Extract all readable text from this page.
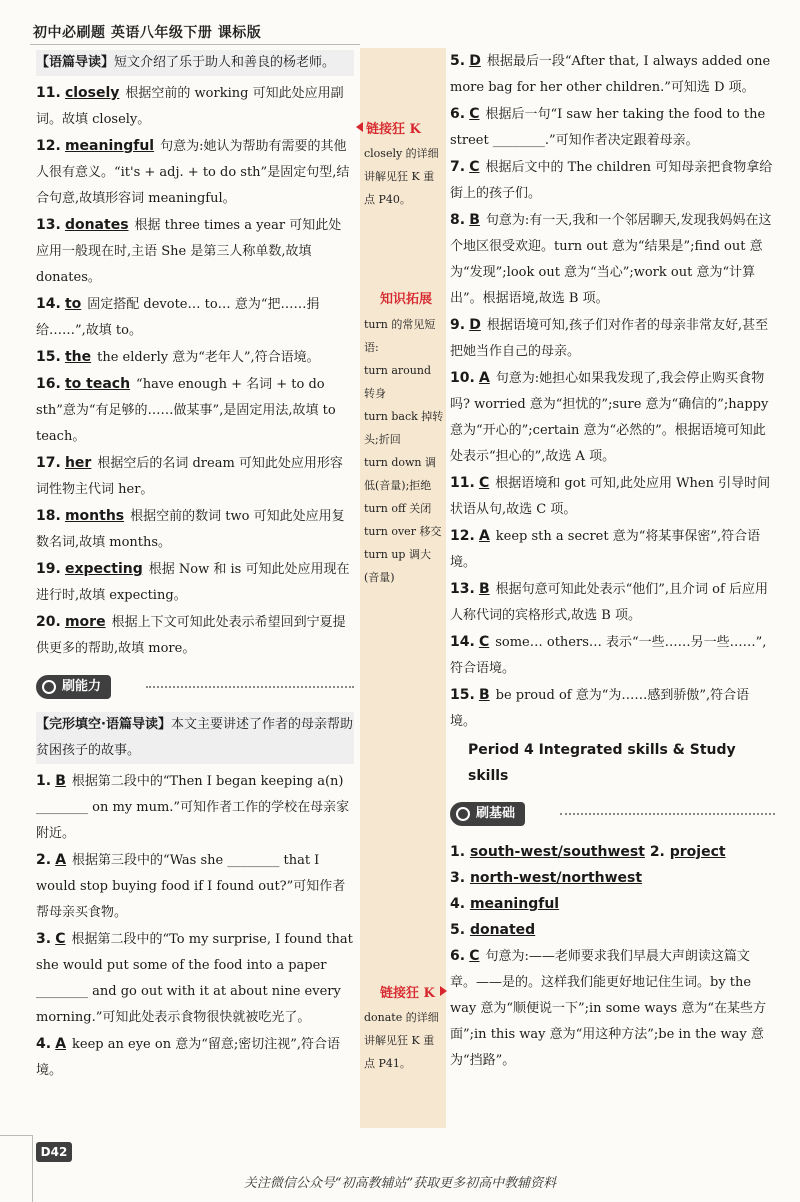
初中必刷题 英语八年级下册 课标版

【语篇导读】短文介绍了乐于助人和善良的杨老师。

11. closely 根据空前的 working 可知此处应用副词。故填 closely。

12. meaningful 句意为:她认为帮助有需要的其他人很有意义。“it's + adj. + to do sth”是固定句型,结合句意,故填形容词 meaningful。

13. donates 根据 three times a year 可知此处应用一般现在时,主语 She 是第三人称单数,故填 donates。

14. to 固定搭配 devote… to… 意为“把……捐给……”,故填 to。

15. the the elderly 意为“老年人”,符合语境。

16. to teach “have enough + 名词 + to do sth”意为“有足够的……做某事”,是固定用法,故填 to teach。

17. her 根据空后的名词 dream 可知此处应用形容词性物主代词 her。

18. months 根据空前的数词 two 可知此处应用复数名词,故填 months。

19. expecting 根据 Now 和 is 可知此处应用现在进行时,故填 expecting。

20. more 根据上下文可知此处表示希望回到宁夏提供更多的帮助,故填 more。

刷能力

【完形填空·语篇导读】本文主要讲述了作者的母亲帮助贫困孩子的故事。

1. B 根据第二段中的“Then I began keeping a(n) ________ on my mum.”可知作者工作的学校在母亲家附近。

2. A 根据第三段中的“Was she ________ that I would stop buying food if I found out?”可知作者帮母亲买食物。

3. C 根据第二段中的“To my surprise, I found that she would put some of the food into a paper ________ and go out with it at about nine every morning.”可知此处表示食物很快就被吃光了。

4. A keep an eye on 意为“留意;密切注视”,符合语境。

链接狂 K
closely 的详细讲解见狂 K 重点 P40。
知识拓展
turn 的常见短语:
turn around 转身
turn back 掉转头;折回
turn down 调低(音量);拒绝
turn off 关闭
turn over 移交
turn up 调大(音量)
链接狂 K
donate 的详细讲解见狂 K 重点 P41。

5. D 根据最后一段“After that, I always added one more bag for her other children.”可知选 D 项。

6. C 根据后一句“I saw her taking the food to the street ________.”可知作者决定跟着母亲。

7. C 根据后文中的 The children 可知母亲把食物拿给街上的孩子们。

8. B 句意为:有一天,我和一个邻居聊天,发现我妈妈在这个地区很受欢迎。turn out 意为“结果是”;find out 意为“发现”;look out 意为“当心”;work out 意为“计算出”。根据语境,故选 B 项。

9. D 根据语境可知,孩子们对作者的母亲非常友好,甚至把她当作自己的母亲。

10. A 句意为:她担心如果我发现了,我会停止购买食物吗? worried 意为“担忧的”;sure 意为“确信的”;happy 意为“开心的”;certain 意为“必然的”。根据语境可知此处表示“担心的”,故选 A 项。

11. C 根据语境和 got 可知,此处应用 When 引导时间状语从句,故选 C 项。

12. A keep sth a secret 意为“将某事保密”,符合语境。

13. B 根据句意可知此处表示“他们”,且介词 of 后应用人称代词的宾格形式,故选 B 项。

14. C some… others… 表示“一些……另一些……”,符合语境。

15. B be proud of 意为“为……感到骄傲”,符合语境。

Period 4 Integrated skills & Study skills

刷基础

1. south-west/southwest 2. project

3. north-west/northwest

4. meaningful

5. donated

6. C 句意为:——老师要求我们早晨大声朗读这篇文章。——是的。这样我们能更好地记住生词。by the way 意为“顺便说一下”;in some ways 意为“在某些方面”;in this way 意为“用这种方法”;be in the way 意为“挡路”。

D42
关注微信公众号“初高教辅站”获取更多初高中教辅资料
